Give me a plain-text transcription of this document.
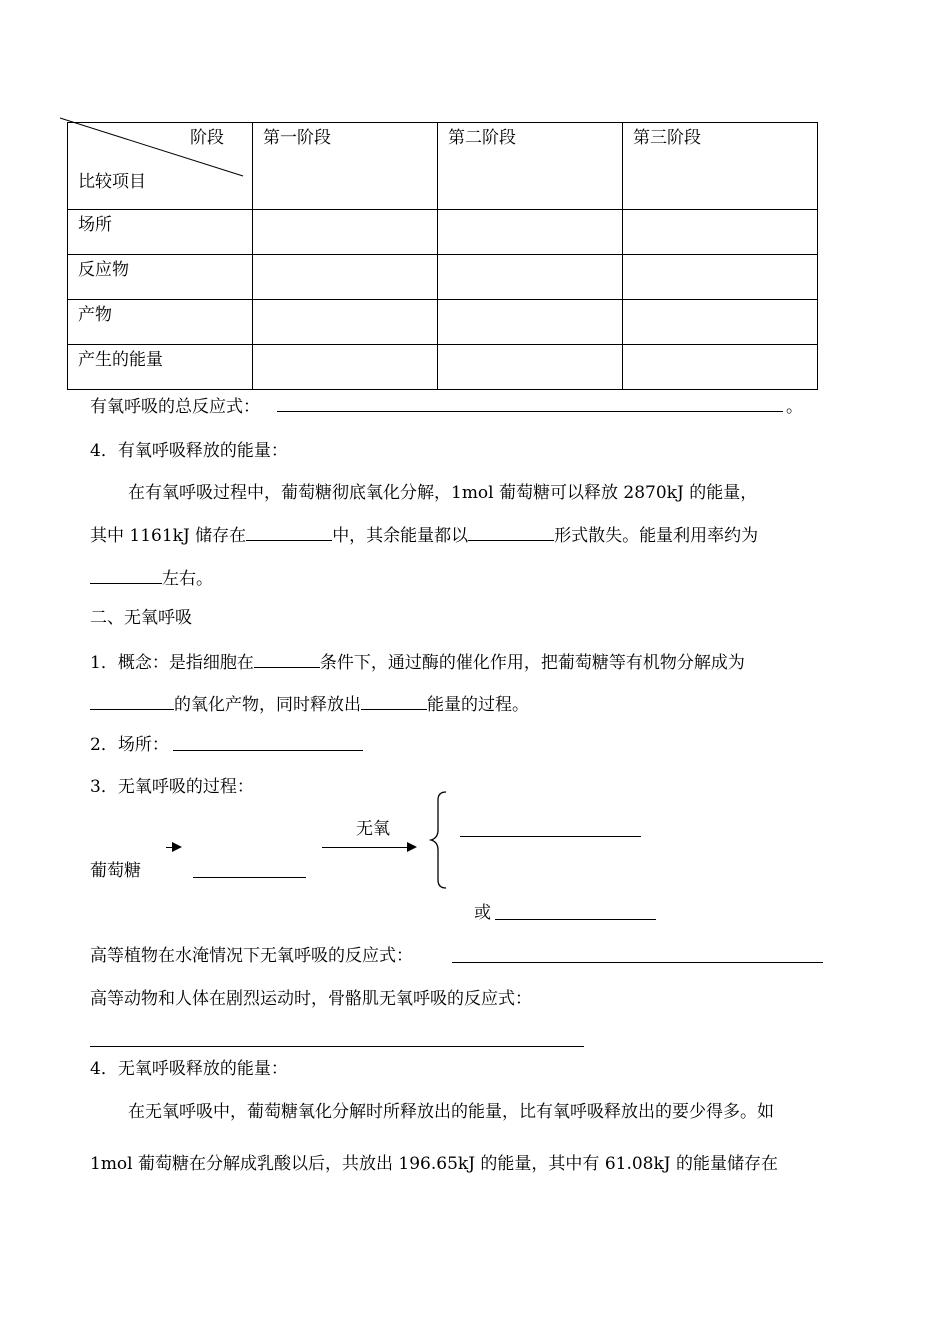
阶段
比较项目	第一阶段	第二阶段	第三阶段
场所			
反应物			
产物			
产生的能量			
有氧呼吸的总反应式：	。
4．有氧呼吸释放的能量：
在有氧呼吸过程中，葡萄糖彻底氧化分解，1mol 葡萄糖可以释放 2870kJ 的能量，
其中 1161kJ 储存在	中，其余能量都以	形式散失。能量利用率约为
左右。
二、无氧呼吸
1．概念：是指细胞在	条件下，通过酶的催化作用，把葡萄糖等有机物分解成为
的氧化产物，同时释放出	能量的过程。
2．场所：
3．无氧呼吸的过程：
葡萄糖
无氧
或
高等植物在水淹情况下无氧呼吸的反应式：
高等动物和人体在剧烈运动时，骨骼肌无氧呼吸的反应式：
4．无氧呼吸释放的能量：
在无氧呼吸中，葡萄糖氧化分解时所释放出的能量，比有氧呼吸释放出的要少得多。如
1mol 葡萄糖在分解成乳酸以后，共放出 196.65kJ 的能量，其中有 61.08kJ 的能量储存在
